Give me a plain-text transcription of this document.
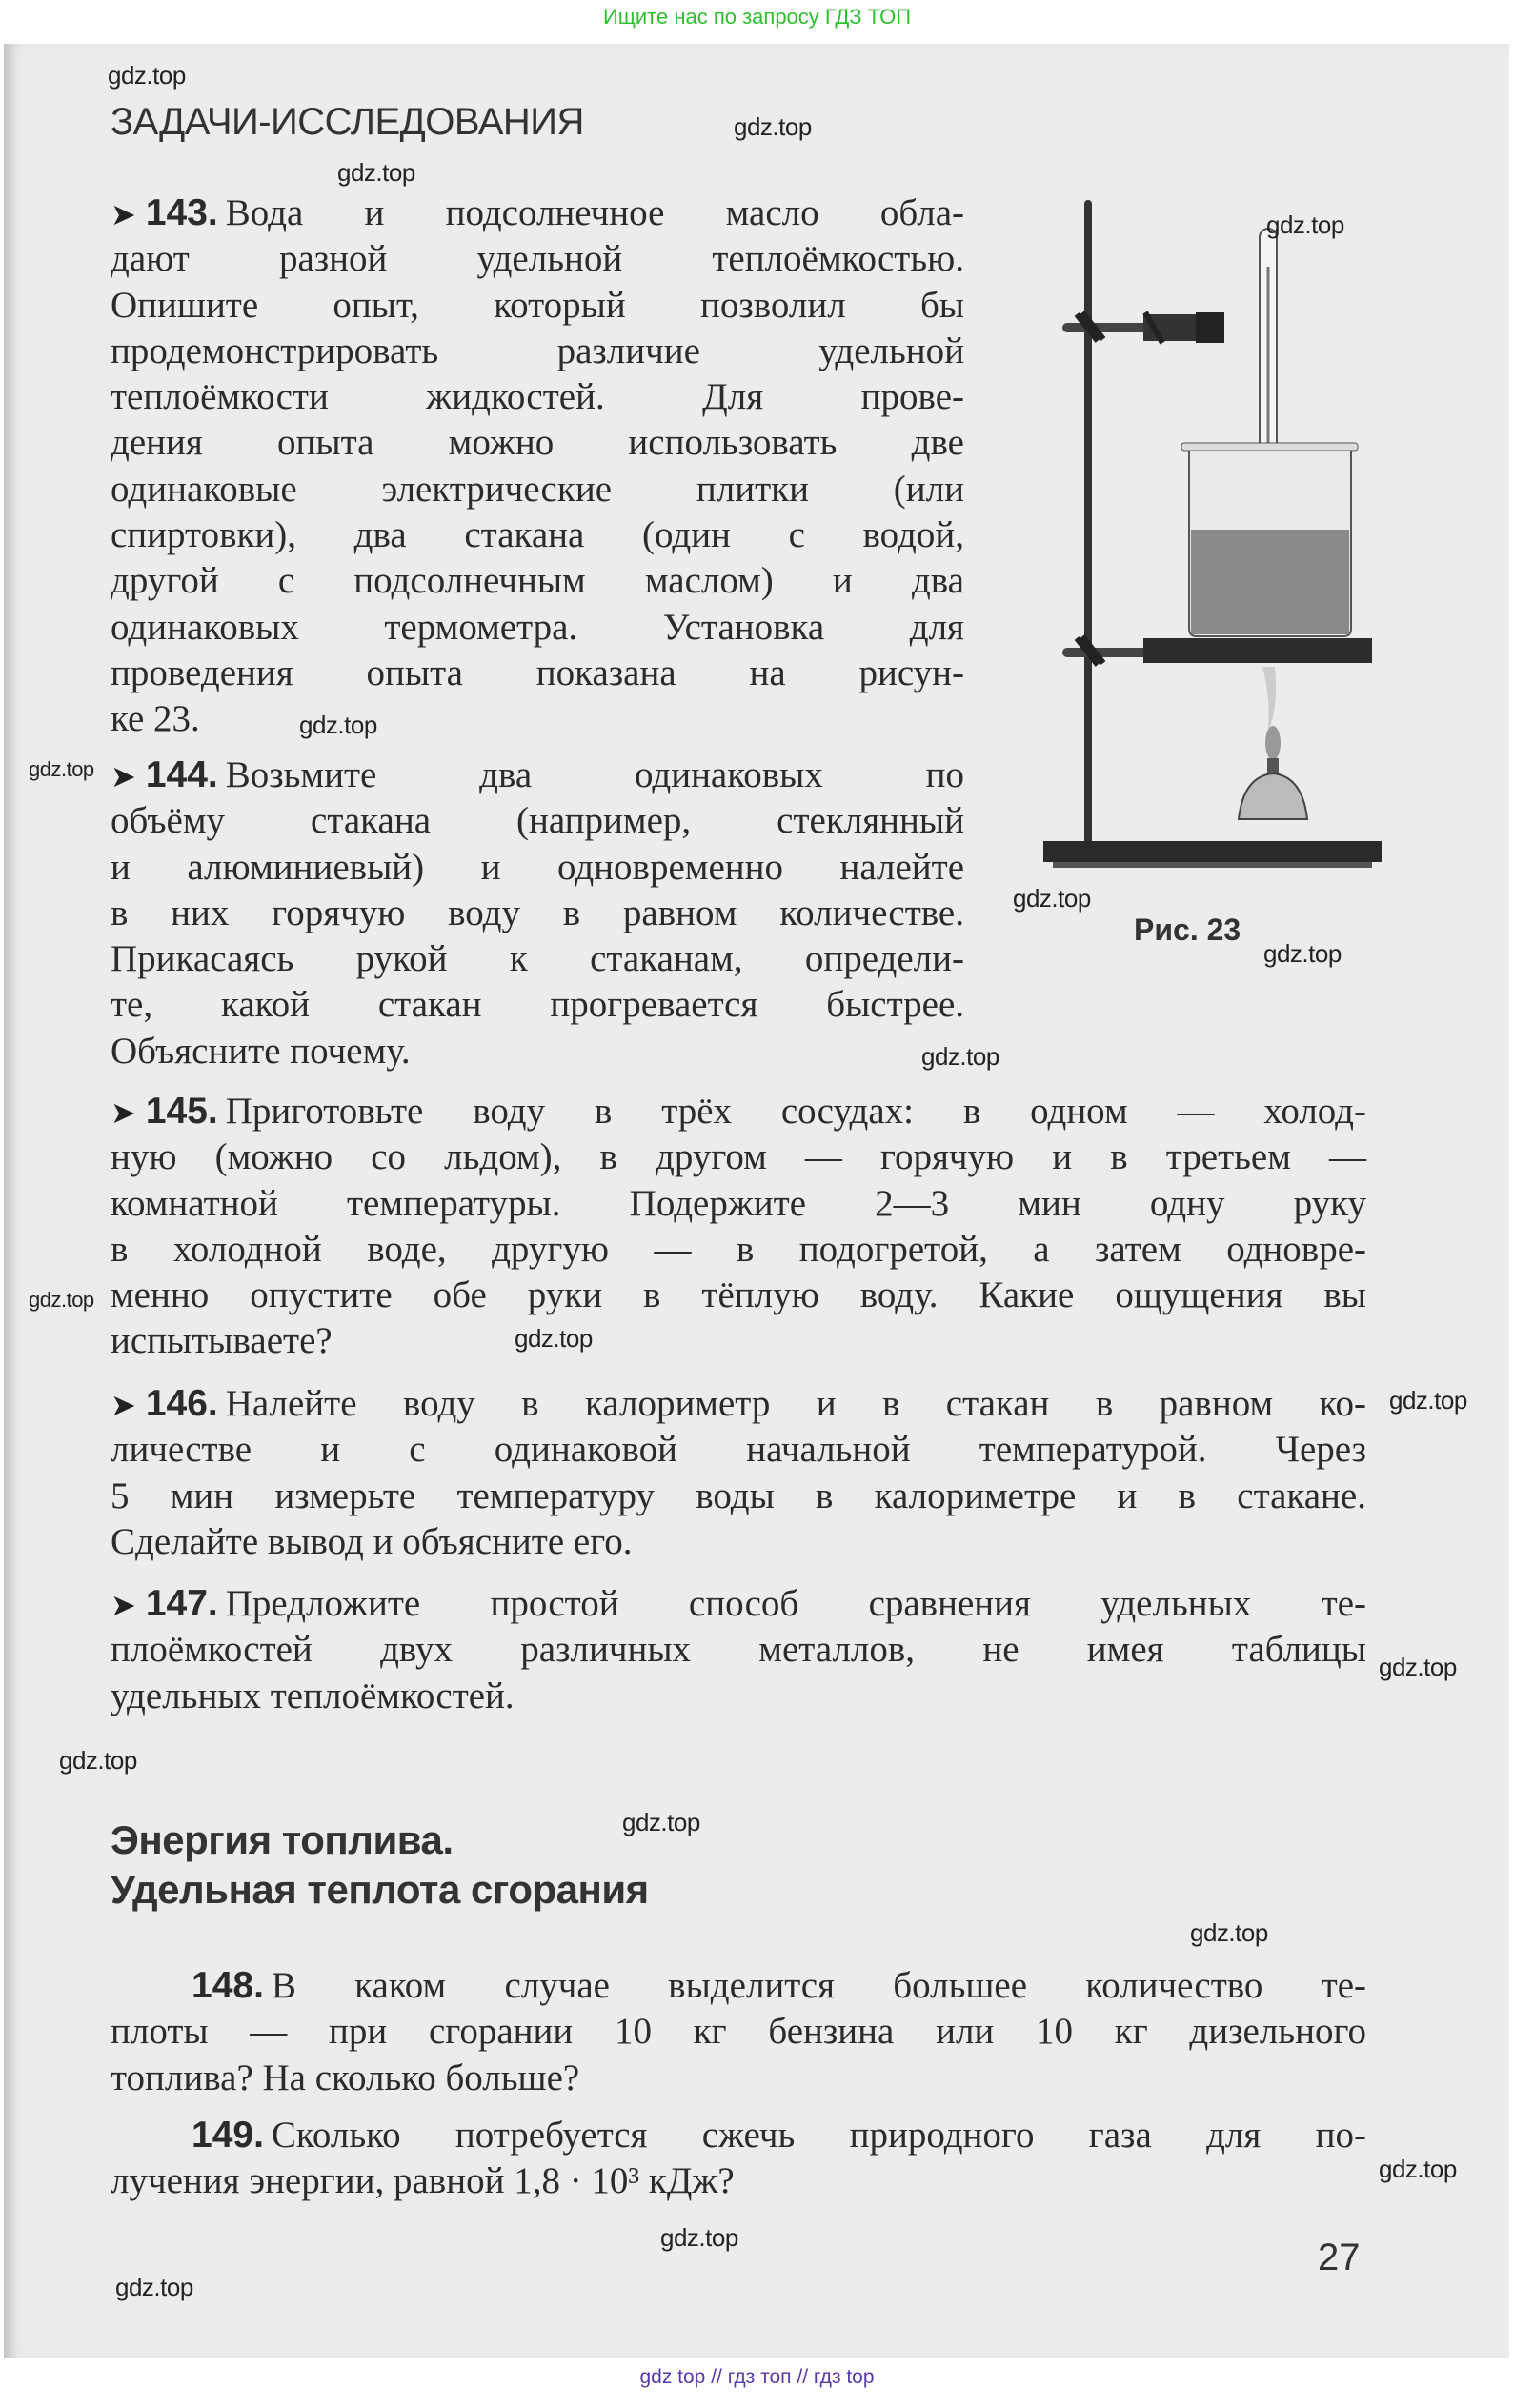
Ищите нас по запросу ГДЗ ТОП
ЗАДАЧИ-ИССЛЕДОВАНИЯ
➤ 143. Вода и подсолнечное масло обла-
дают разной удельной теплоёмкостью.
Опишите опыт, который позволил бы
продемонстрировать различие удельной
теплоёмкости жидкостей. Для прове-
дения опыта можно использовать две
одинаковые электрические плитки (или
спиртовки), два стакана (один с водой,
другой с подсолнечным маслом) и два
одинаковых термометра. Установка для
проведения опыта показана на рисун-
ке 23.
➤ 144. Возьмите два одинаковых по
объёму стакана (например, стеклянный
и алюминиевый) и одновременно налейте
в них горячую воду в равном количестве.
Прикасаясь рукой к стаканам, определи-
те, какой стакан прогревается быстрее.
Объясните почему.
➤ 145. Приготовьте воду в трёх сосудах: в одном — холод-
ную (можно со льдом), в другом — горячую и в третьем —
комнатной температуры. Подержите 2—3 мин одну руку
в холодной воде, другую — в подогретой, а затем одновре-
менно опустите обе руки в тёплую воду. Какие ощущения вы
испытываете?
➤ 146. Налейте воду в калориметр и в стакан в равном ко-
личестве и с одинаковой начальной температурой. Через
5 мин измерьте температуру воды в калориметре и в стакане.
Сделайте вывод и объясните его.
➤ 147. Предложите простой способ сравнения удельных те-
плоёмкостей двух различных металлов, не имея таблицы
удельных теплоёмкостей.
Энергия топлива.
Удельная теплота сгорания
148. В каком случае выделится большее количество те-
плоты — при сгорании 10 кг бензина или 10 кг дизельного
топлива? На сколько больше?
149. Сколько потребуется сжечь природного газа для по-
лучения энергии, равной 1,8 · 10³ кДж?
Рис. 23
27
gdz.top
gdz.top
gdz.top
gdz.top
gdz.top
gdz.top
gdz.top
gdz.top
gdz.top
gdz.top
gdz.top
gdz.top
gdz.top
gdz.top
gdz.top
gdz.top
gdz.top
gdz.top
gdz.top
gdz top // гдз топ // гдз top
